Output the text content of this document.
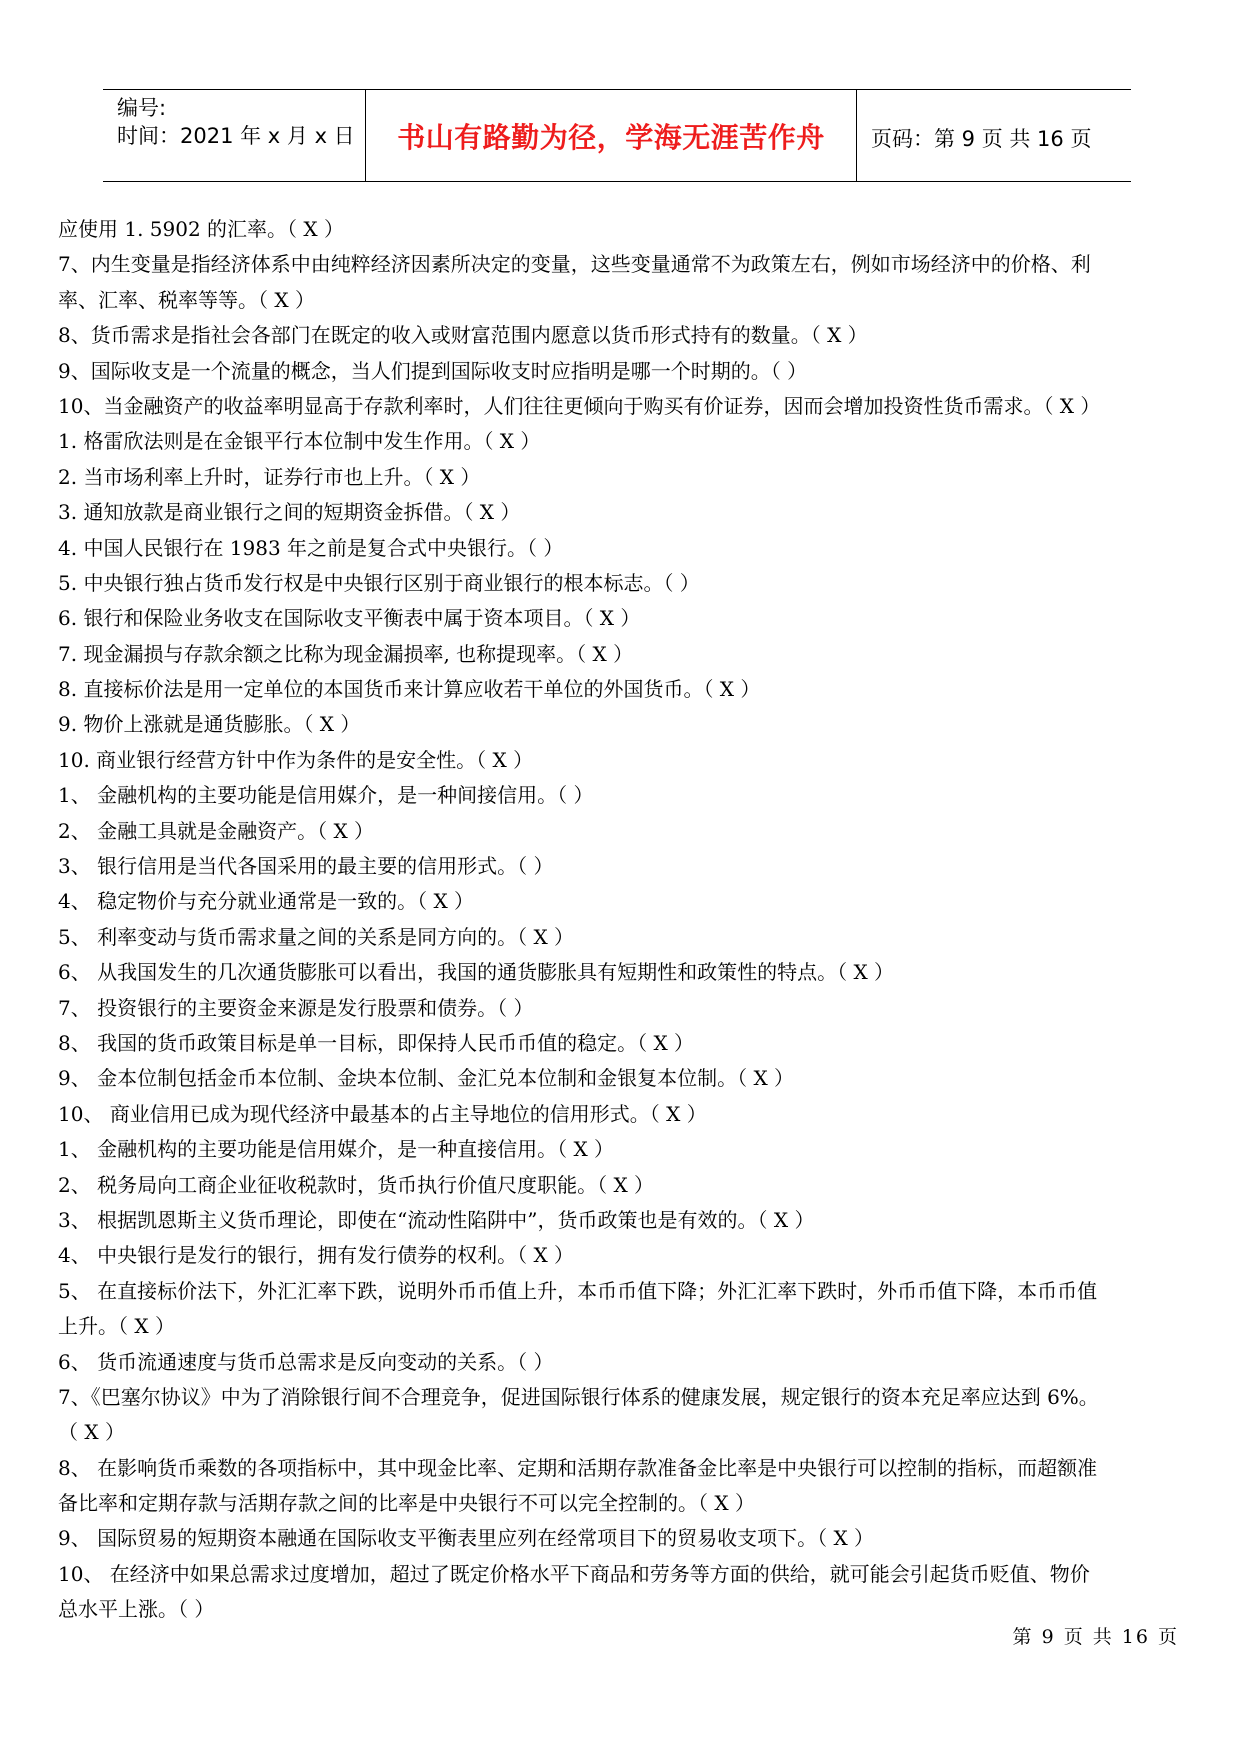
编号:
时间：2021 年 x 月 x 日	书山有路勤为径，学海无涯苦作舟	页码：第 9 页 共 16 页
应使用 1. 5902 的汇率。（ X ）
7、内生变量是指经济体系中由纯粹经济因素所决定的变量，这些变量通常不为政策左右，例如市场经济中的价格、利
率、汇率、税率等等。（ X ）
8、货币需求是指社会各部门在既定的收入或财富范围内愿意以货币形式持有的数量。（ X ）
9、国际收支是一个流量的概念，当人们提到国际收支时应指明是哪一个时期的。（ ）
10、当金融资产的收益率明显高于存款利率时，人们往往更倾向于购买有价证券，因而会增加投资性货币需求。（ X ）
1. 格雷欣法则是在金银平行本位制中发生作用。（ X ）
2. 当市场利率上升时，证券行市也上升。（ X ）
3. 通知放款是商业银行之间的短期资金拆借。（ X ）
4. 中国人民银行在 1983 年之前是复合式中央银行。（ ）
5. 中央银行独占货币发行权是中央银行区别于商业银行的根本标志。（ ）
6. 银行和保险业务收支在国际收支平衡表中属于资本项目。（ X ）
7. 现金漏损与存款余额之比称为现金漏损率, 也称提现率。（ X ）
8. 直接标价法是用一定单位的本国货币来计算应收若干单位的外国货币。（ X ）
9. 物价上涨就是通货膨胀。（ X ）
10. 商业银行经营方针中作为条件的是安全性。（ X ）
1、 金融机构的主要功能是信用媒介，是一种间接信用。（ ）
2、 金融工具就是金融资产。（ X ）
3、 银行信用是当代各国采用的最主要的信用形式。（ ）
4、 稳定物价与充分就业通常是一致的。（ X ）
5、 利率变动与货币需求量之间的关系是同方向的。（ X ）
6、 从我国发生的几次通货膨胀可以看出，我国的通货膨胀具有短期性和政策性的特点。（ X ）
7、 投资银行的主要资金来源是发行股票和债券。（ ）
8、 我国的货币政策目标是单一目标，即保持人民币币值的稳定。（ X ）
9、 金本位制包括金币本位制、金块本位制、金汇兑本位制和金银复本位制。（ X ）
10、 商业信用已成为现代经济中最基本的占主导地位的信用形式。（ X ）
1、 金融机构的主要功能是信用媒介，是一种直接信用。（ X ）
2、 税务局向工商企业征收税款时，货币执行价值尺度职能。（ X ）
3、 根据凯恩斯主义货币理论，即使在“流动性陷阱中”，货币政策也是有效的。（ X ）
4、 中央银行是发行的银行，拥有发行债券的权利。（ X ）
5、 在直接标价法下，外汇汇率下跌，说明外币币值上升，本币币值下降；外汇汇率下跌时，外币币值下降，本币币值
上升。（ X ）
6、 货币流通速度与货币总需求是反向变动的关系。（ ）
7、《巴塞尔协议》中为了消除银行间不合理竞争，促进国际银行体系的健康发展，规定银行的资本充足率应达到 6%。
（ X ）
8、 在影响货币乘数的各项指标中，其中现金比率、定期和活期存款准备金比率是中央银行可以控制的指标，而超额准
备比率和定期存款与活期存款之间的比率是中央银行不可以完全控制的。（ X ）
9、 国际贸易的短期资本融通在国际收支平衡表里应列在经常项目下的贸易收支项下。（ X ）
10、 在经济中如果总需求过度增加，超过了既定价格水平下商品和劳务等方面的供给，就可能会引起货币贬值、物价
总水平上涨。（ ）
第 9 页 共 16 页
